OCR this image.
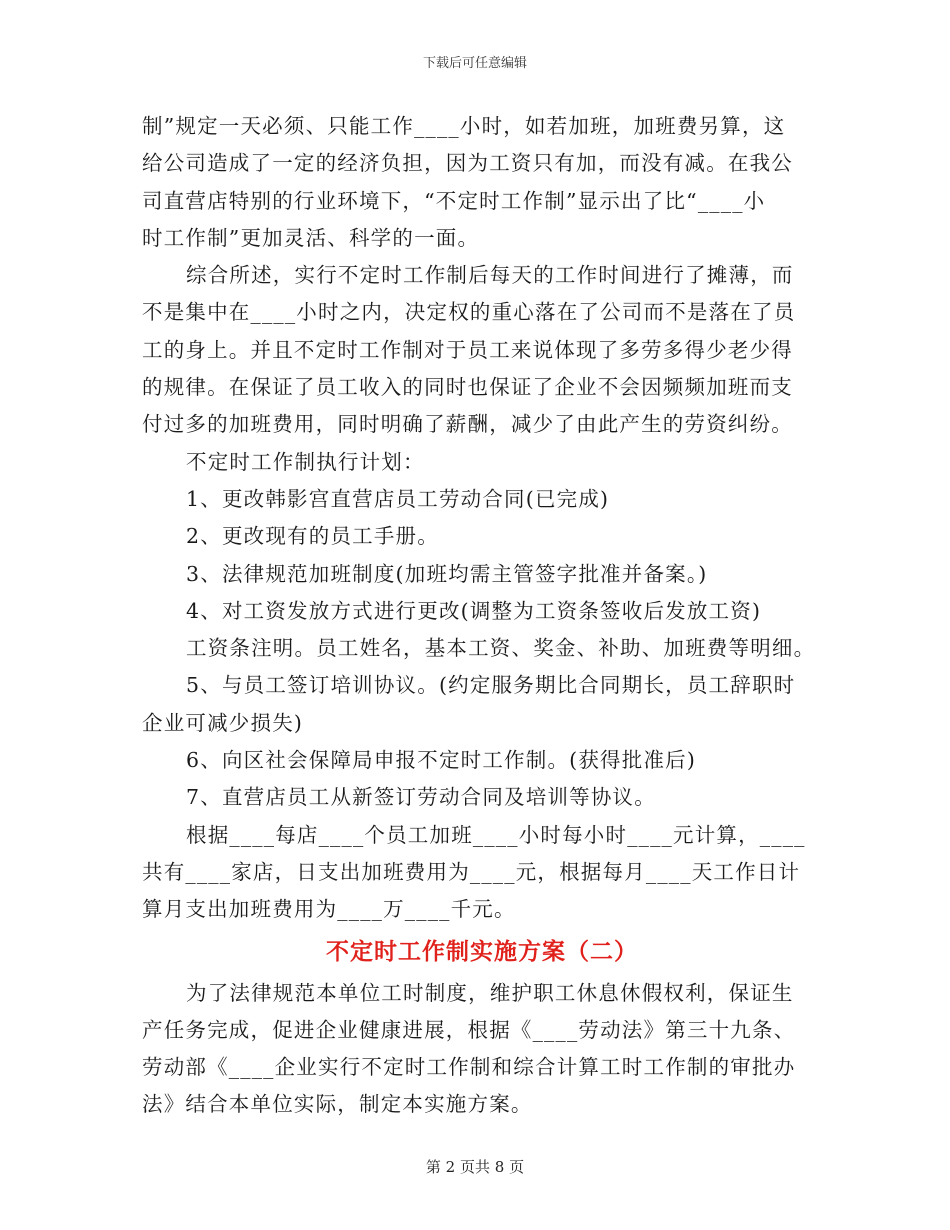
下载后可任意编辑
制”规定一天必须、只能工作____小时，如若加班，加班费另算，这
给公司造成了一定的经济负担，因为工资只有加，而没有减。在我公
司直营店特别的行业环境下，“不定时工作制”显示出了比“____小
时工作制”更加灵活、科学的一面。
综合所述，实行不定时工作制后每天的工作时间进行了摊薄，而
不是集中在____小时之内，决定权的重心落在了公司而不是落在了员
工的身上。并且不定时工作制对于员工来说体现了多劳多得少老少得
的规律。在保证了员工收入的同时也保证了企业不会因频频加班而支
付过多的加班费用，同时明确了薪酬，减少了由此产生的劳资纠纷。
不定时工作制执行计划：
1、更改韩影宫直营店员工劳动合同(已完成)
2、更改现有的员工手册。
3、法律规范加班制度(加班均需主管签字批准并备案。)
4、对工资发放方式进行更改(调整为工资条签收后发放工资)
工资条注明。员工姓名，基本工资、奖金、补助、加班费等明细。
5、与员工签订培训协议。(约定服务期比合同期长，员工辞职时
企业可减少损失)
6、向区社会保障局申报不定时工作制。(获得批准后)
7、直营店员工从新签订劳动合同及培训等协议。
根据____每店____个员工加班____小时每小时____元计算，____
共有____家店，日支出加班费用为____元，根据每月____天工作日计
算月支出加班费用为____万____千元。
不定时工作制实施方案（二）
为了法律规范本单位工时制度，维护职工休息休假权利，保证生
产任务完成，促进企业健康进展，根据《____劳动法》第三十九条、
劳动部《____企业实行不定时工作制和综合计算工时工作制的审批办
法》结合本单位实际，制定本实施方案。
第 2 页共 8 页
